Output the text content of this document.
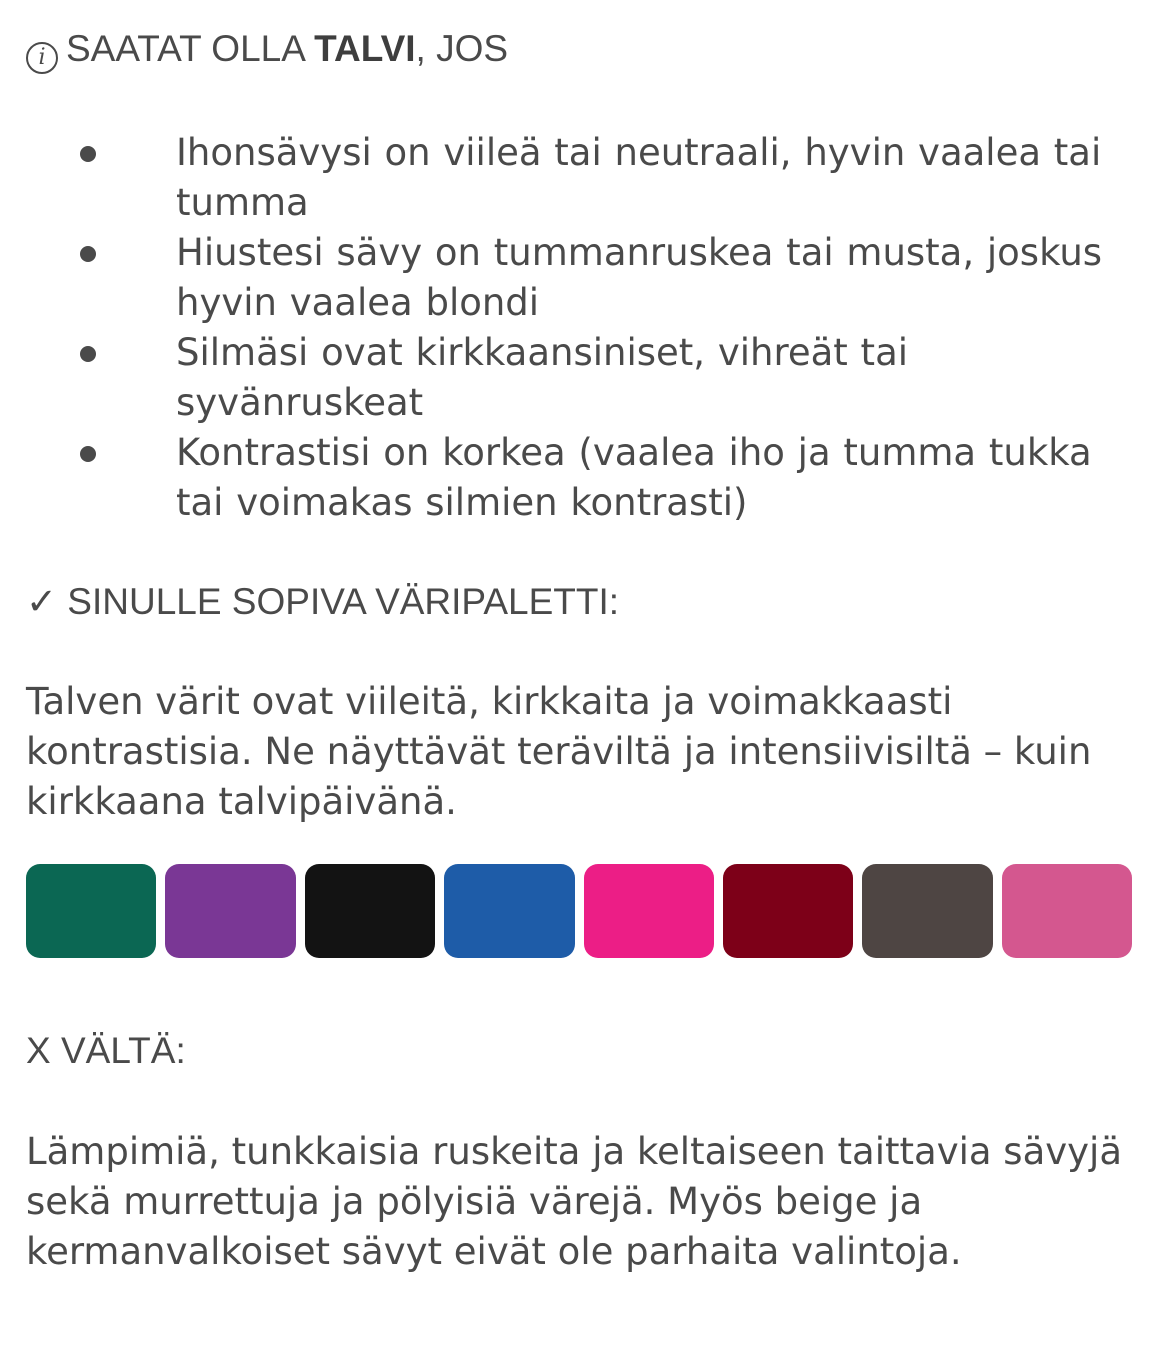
i SAATAT OLLA TALVI, JOS
Ihonsävysi on viileä tai neutraali, hyvin vaalea tai tumma
Hiustesi sävy on tummanruskea tai musta, joskus hyvin vaalea blondi
Silmäsi ovat kirkkaansiniset, vihreät tai syvänruskeat
Kontrastisi on korkea (vaalea iho ja tumma tukka tai voimakas silmien kontrasti)
✓ SINULLE SOPIVA VÄRIPALETTI:

Talven värit ovat viileitä, kirkkaita ja voimakkaasti kontrastisia. Ne näyttävät teräviltä ja intensiivisiltä – kuin kirkkaana talvipäivänä.

X VÄLTÄ:

Lämpimiä, tunkkaisia ruskeita ja keltaiseen taittavia sävyjä sekä murrettuja ja pölyisiä värejä. Myös beige ja kermanvalkoiset sävyt eivät ole parhaita valintoja.
